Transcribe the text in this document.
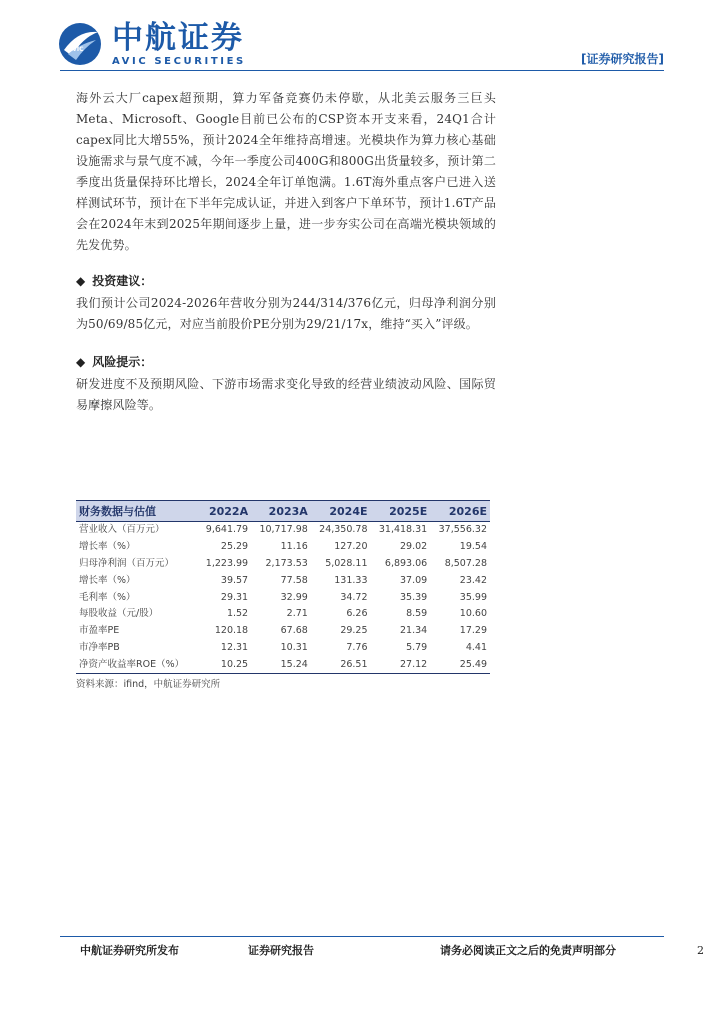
AVIC 中航证券
AVIC SECURITIES	[证券研究报告]

海外云大厂capex超预期，算力军备竞赛仍未停歇，从北美云服务三巨头Meta、Microsoft、Google目前已公布的CSP资本开支来看，24Q1合计capex同比大增55%，预计2024全年维持高增速。光模块作为算力核心基础设施需求与景气度不减，今年一季度公司400G和800G出货量较多，预计第二季度出货量保持环比增长，2024全年订单饱满。1.6T海外重点客户已进入送样测试环节，预计在下半年完成认证，并进入到客户下单环节，预计1.6T产品会在2024年末到2025年期间逐步上量，进一步夯实公司在高端光模块领域的先发优势。

◆ 投资建议：

我们预计公司2024-2026年营收分别为244/314/376亿元，归母净利润分别为50/69/85亿元，对应当前股价PE分别为29/21/17x，维持“买入”评级。

◆ 风险提示：

研发进度不及预期风险、下游市场需求变化导致的经营业绩波动风险、国际贸易摩擦风险等。

财务数据与估值	2022A	2023A	2024E	2025E	2026E
营业收入（百万元）	9,641.79	10,717.98	24,350.78	31,418.31	37,556.32
增长率（%）	25.29	11.16	127.20	29.02	19.54
归母净利润（百万元）	1,223.99	2,173.53	5,028.11	6,893.06	8,507.28
增长率（%）	39.57	77.58	131.33	37.09	23.42
毛利率（%）	29.31	32.99	34.72	35.39	35.99
每股收益（元/股）	1.52	2.71	6.26	8.59	10.60
市盈率PE	120.18	67.68	29.25	21.34	17.29
市净率PB	12.31	10.31	7.76	5.79	4.41
净资产收益率ROE（%）	10.25	15.24	26.51	27.12	25.49
资料来源：ifind，中航证券研究所
中航证券研究所发布	证券研究报告	请务必阅读正文之后的免责声明部分	2
